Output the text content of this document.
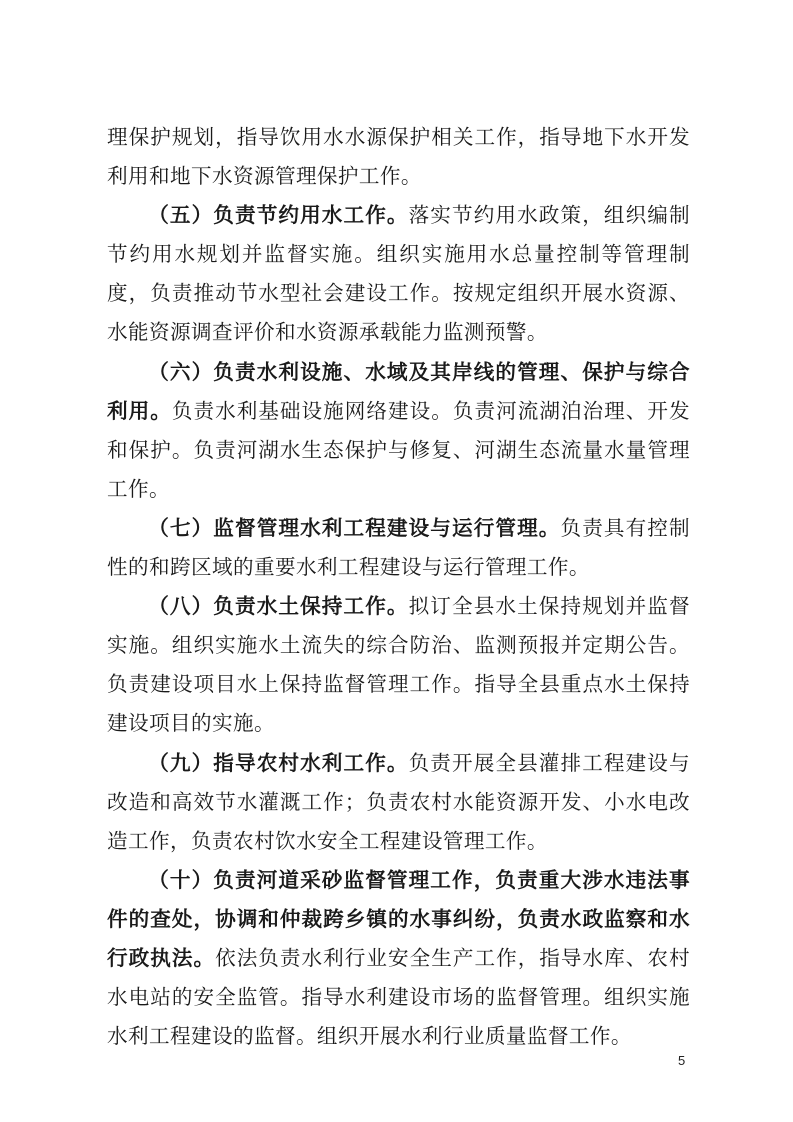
理保护规划，指导饮用水水源保护相关工作，指导地下水开发利用和地下水资源管理保护工作。

（五）负责节约用水工作。落实节约用水政策，组织编制节约用水规划并监督实施。组织实施用水总量控制等管理制度，负责推动节水型社会建设工作。按规定组织开展水资源、水能资源调查评价和水资源承载能力监测预警。

（六）负责水利设施、水域及其岸线的管理、保护与综合利用。负责水利基础设施网络建设。负责河流湖泊治理、开发和保护。负责河湖水生态保护与修复、河湖生态流量水量管理工作。

（七）监督管理水利工程建设与运行管理。负责具有控制性的和跨区域的重要水利工程建设与运行管理工作。

（八）负责水土保持工作。拟订全县水土保持规划并监督实施。组织实施水土流失的综合防治、监测预报并定期公告。负责建设项目水上保持监督管理工作。指导全县重点水土保持建设项目的实施。

（九）指导农村水利工作。负责开展全县灌排工程建设与改造和高效节水灌溉工作；负责农村水能资源开发、小水电改造工作，负责农村饮水安全工程建设管理工作。

（十）负责河道采砂监督管理工作，负责重大涉水违法事件的查处，协调和仲裁跨乡镇的水事纠纷，负责水政监察和水行政执法。依法负责水利行业安全生产工作，指导水库、农村水电站的安全监管。指导水利建设市场的监督管理。组织实施水利工程建设的监督。组织开展水利行业质量监督工作。

5
